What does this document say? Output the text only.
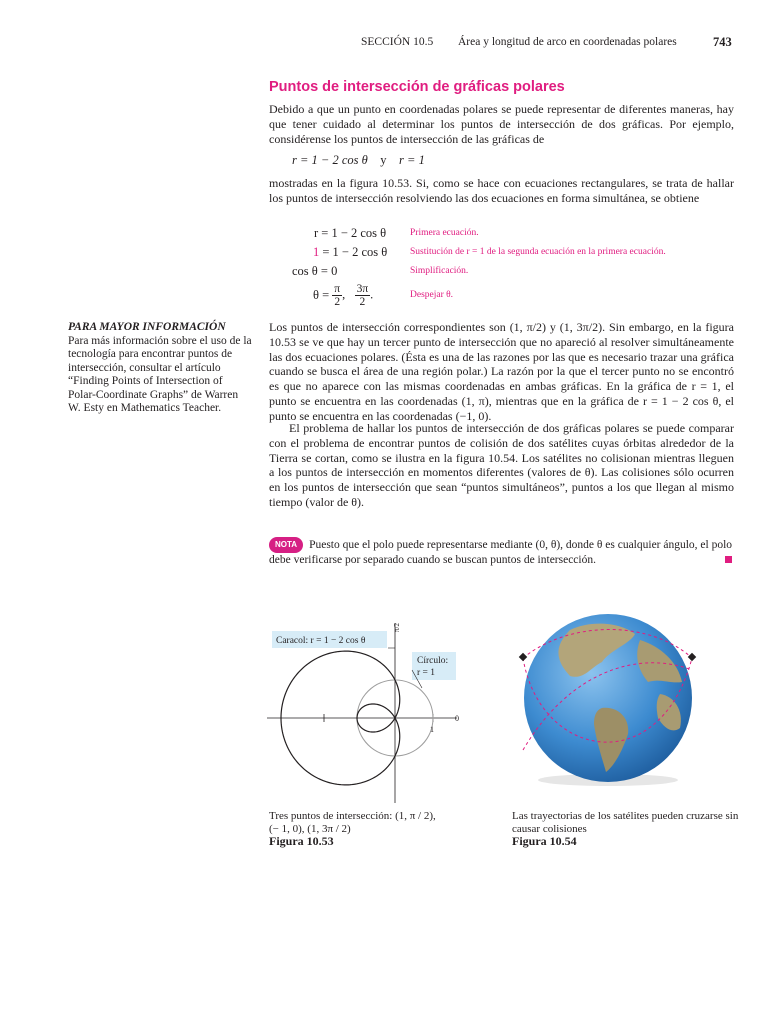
SECCIÓN 10.5 Área y longitud de arco en coordenadas polares	743
Puntos de intersección de gráficas polares

Debido a que un punto en coordenadas polares se puede representar de diferentes maneras, hay que tener cuidado al determinar los puntos de intersección de dos gráficas. Por ejemplo, considérense los puntos de intersección de las gráficas de

r = 1 − 2 cos θ y r = 1

mostradas en la figura 10.53. Si, como se hace con ecuaciones rectangulares, se trata de hallar los puntos de intersección resolviendo las dos ecuaciones en forma simultánea, se obtiene

r = 1 − 2 cos θ	Primera ecuación.
1 = 1 − 2 cos θ	Sustitución de r = 1 de la segunda ecuación en la primera ecuación.
cos θ = 0	Simplificación.
$\theta = \frac{\pi}{2}$ , $\frac{3\pi}{2}$ .	Despejar θ.
PARA MAYOR INFORMACIÓN
Para más información sobre el uso de la tecnología para encontrar puntos de intersección, consultar el artículo “Finding Points of Intersection of Polar-Coordinate Graphs” de Warren W. Esty en Mathematics Teacher.

Los puntos de intersección correspondientes son (1, π/2) y (1, 3π/2). Sin embargo, en la figura 10.53 se ve que hay un tercer punto de intersección que no apareció al resolver simultáneamente las dos ecuaciones polares. (Ésta es una de las razones por las que es necesario trazar una gráfica cuando se busca el área de una región polar.) La razón por la que el tercer punto no se encontró es que no aparece con las mismas coordenadas en ambas gráficas. En la gráfica de r = 1, el punto se encuentra en las coordenadas (1, π), mientras que en la gráfica de r = 1 − 2 cos θ, el punto se encuentra en las coordenadas (−1, 0).

El problema de hallar los puntos de intersección de dos gráficas polares se puede comparar con el problema de encontrar puntos de colisión de dos satélites cuyas órbitas alrededor de la Tierra se cortan, como se ilustra en la figura 10.54. Los satélites no colisionan mientras lleguen a los puntos de intersección en momentos diferentes (valores de θ). Las colisiones sólo ocurren en los puntos de intersección que sean “puntos simultáneos”, puntos a los que llegan al mismo tiempo (valor de θ).

NOTA Puesto que el polo puede representarse mediante (0, θ), donde θ es cualquier ángulo, el polo debe verificarse por separado cuando se buscan puntos de intersección.
Caracol: r = 1 − 2 cos θ
Círculo:
r = 1
π/2
0
1
Tres puntos de intersección: (1, π / 2),
(− 1, 0), (1, 3π / 2)
Figura 10.53
Las trayectorias de los satélites pueden cruzarse sin causar colisiones
Figura 10.54
